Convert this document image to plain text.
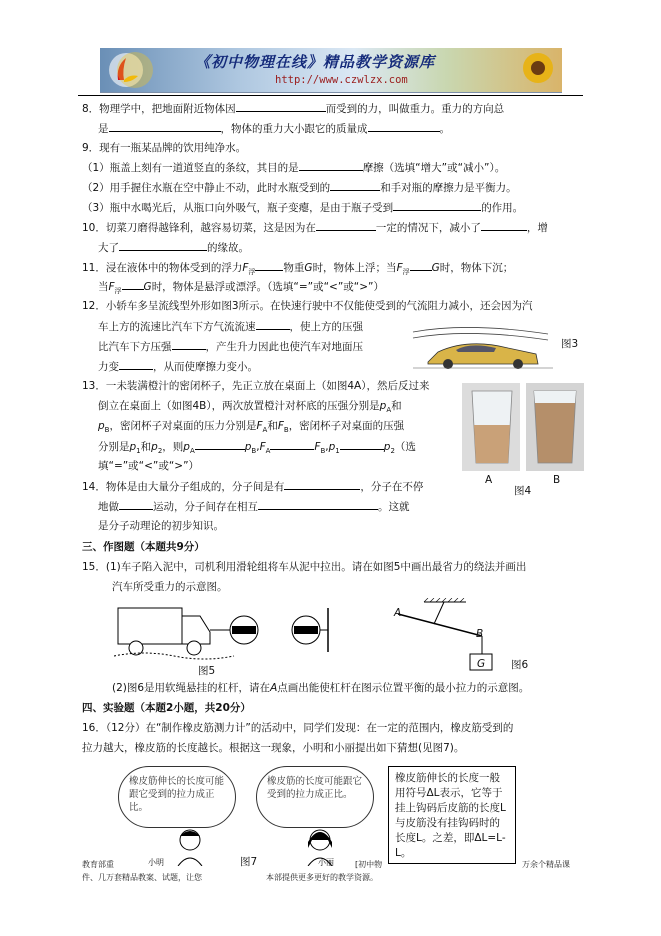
《初中物理在线》精品教学资源库
http://www.czwlzx.com
8．物理学中，把地面附近物体因	而受到的力，叫做重力。重力的方向总
是	，物体的重力大小跟它的质量成	。
9．现有一瓶某品牌的饮用纯净水。
（1）瓶盖上刻有一道道竖直的条纹，其目的是	摩擦（选填“增大”或“减小”）。
（2）用手握住水瓶在空中静止不动，此时水瓶受到的	和手对瓶的摩擦力是平衡力。
（3）瓶中水喝光后，从瓶口向外吸气，瓶子变瘪，是由于瓶子受到	的作用。
10．切菜刀磨得越锋利，越容易切菜，这是因为在	一定的情况下，减小了	，增
大了	的缘故。
11．浸在液体中的物体受到的浮力$F_浮$	物重G时，物体上浮；当$F_浮$ G时，物体下沉；
当$F_浮$ G时，物体是悬浮或漂浮。（选填“=”或“<”或“>”）
12．小轿车多呈流线型外形如图3所示。在快速行驶中不仅能使受到的气流阻力减小，还会因为汽
车上方的流速比汽车下方气流流速	，使上方的压强
比汽车下方压强	，产生升力因此也使汽车对地面压
力变	，从而使摩擦力变小。
图3
13．一未装满橙汁的密闭杯子，先正立放在桌面上（如图4A），然后反过来
倒立在桌面上（如图4B），两次放置橙汁对杯底的压强分别是$p_A$和
$p_B$，密闭杯子对桌面的压力分别是$F_A$和$F_B$，密闭杯子对桌面的压强
分别是$p_1$和$p_2$，则$p_A$	$p_B,F_A$	$F_B,p_1$	$p_2$（选
填“=”或“<”或“>”）
A	B
图4
14．物体是由大量分子组成的，分子间是有	，分子在不停
地做	运动，分子间存在相互	。这就
是分子动理论的初步知识。
三、作图题（本题共9分）
15．(1)车子陷入泥中，司机利用滑轮组将车从泥中拉出。请在如图5中画出最省力的绕法并画出
汽车所受重力的示意图。
图5
A
B
G 图6
(2)图6是用软绳悬挂的杠杆，请在A点画出能使杠杆在图示位置平衡的最小拉力的示意图。
四、实验题（本题2小题，共20分）
16．（12分）在“制作橡皮筋测力计”的活动中，同学们发现：在一定的范围内，橡皮筋受到的
拉力越大，橡皮筋的长度越长。根据这一现象，小明和小丽提出如下猜想(见图7)。
橡皮筋伸长的长度可能跟它受到的拉力成正比。
橡皮筋的长度可能跟它受到的拉力成正比。
小明	小丽
图7
橡皮筋伸长的长度一般用符号ΔL表示，它等于挂上钩码后皮筋的长度L与皮筋没有挂钩码时的长度L。之差，即ΔL=L-L。
教育部重	[初中物	万余个精品课
件、几万套精品教案、试题，让您	本部提供更多更好的教学资源。
